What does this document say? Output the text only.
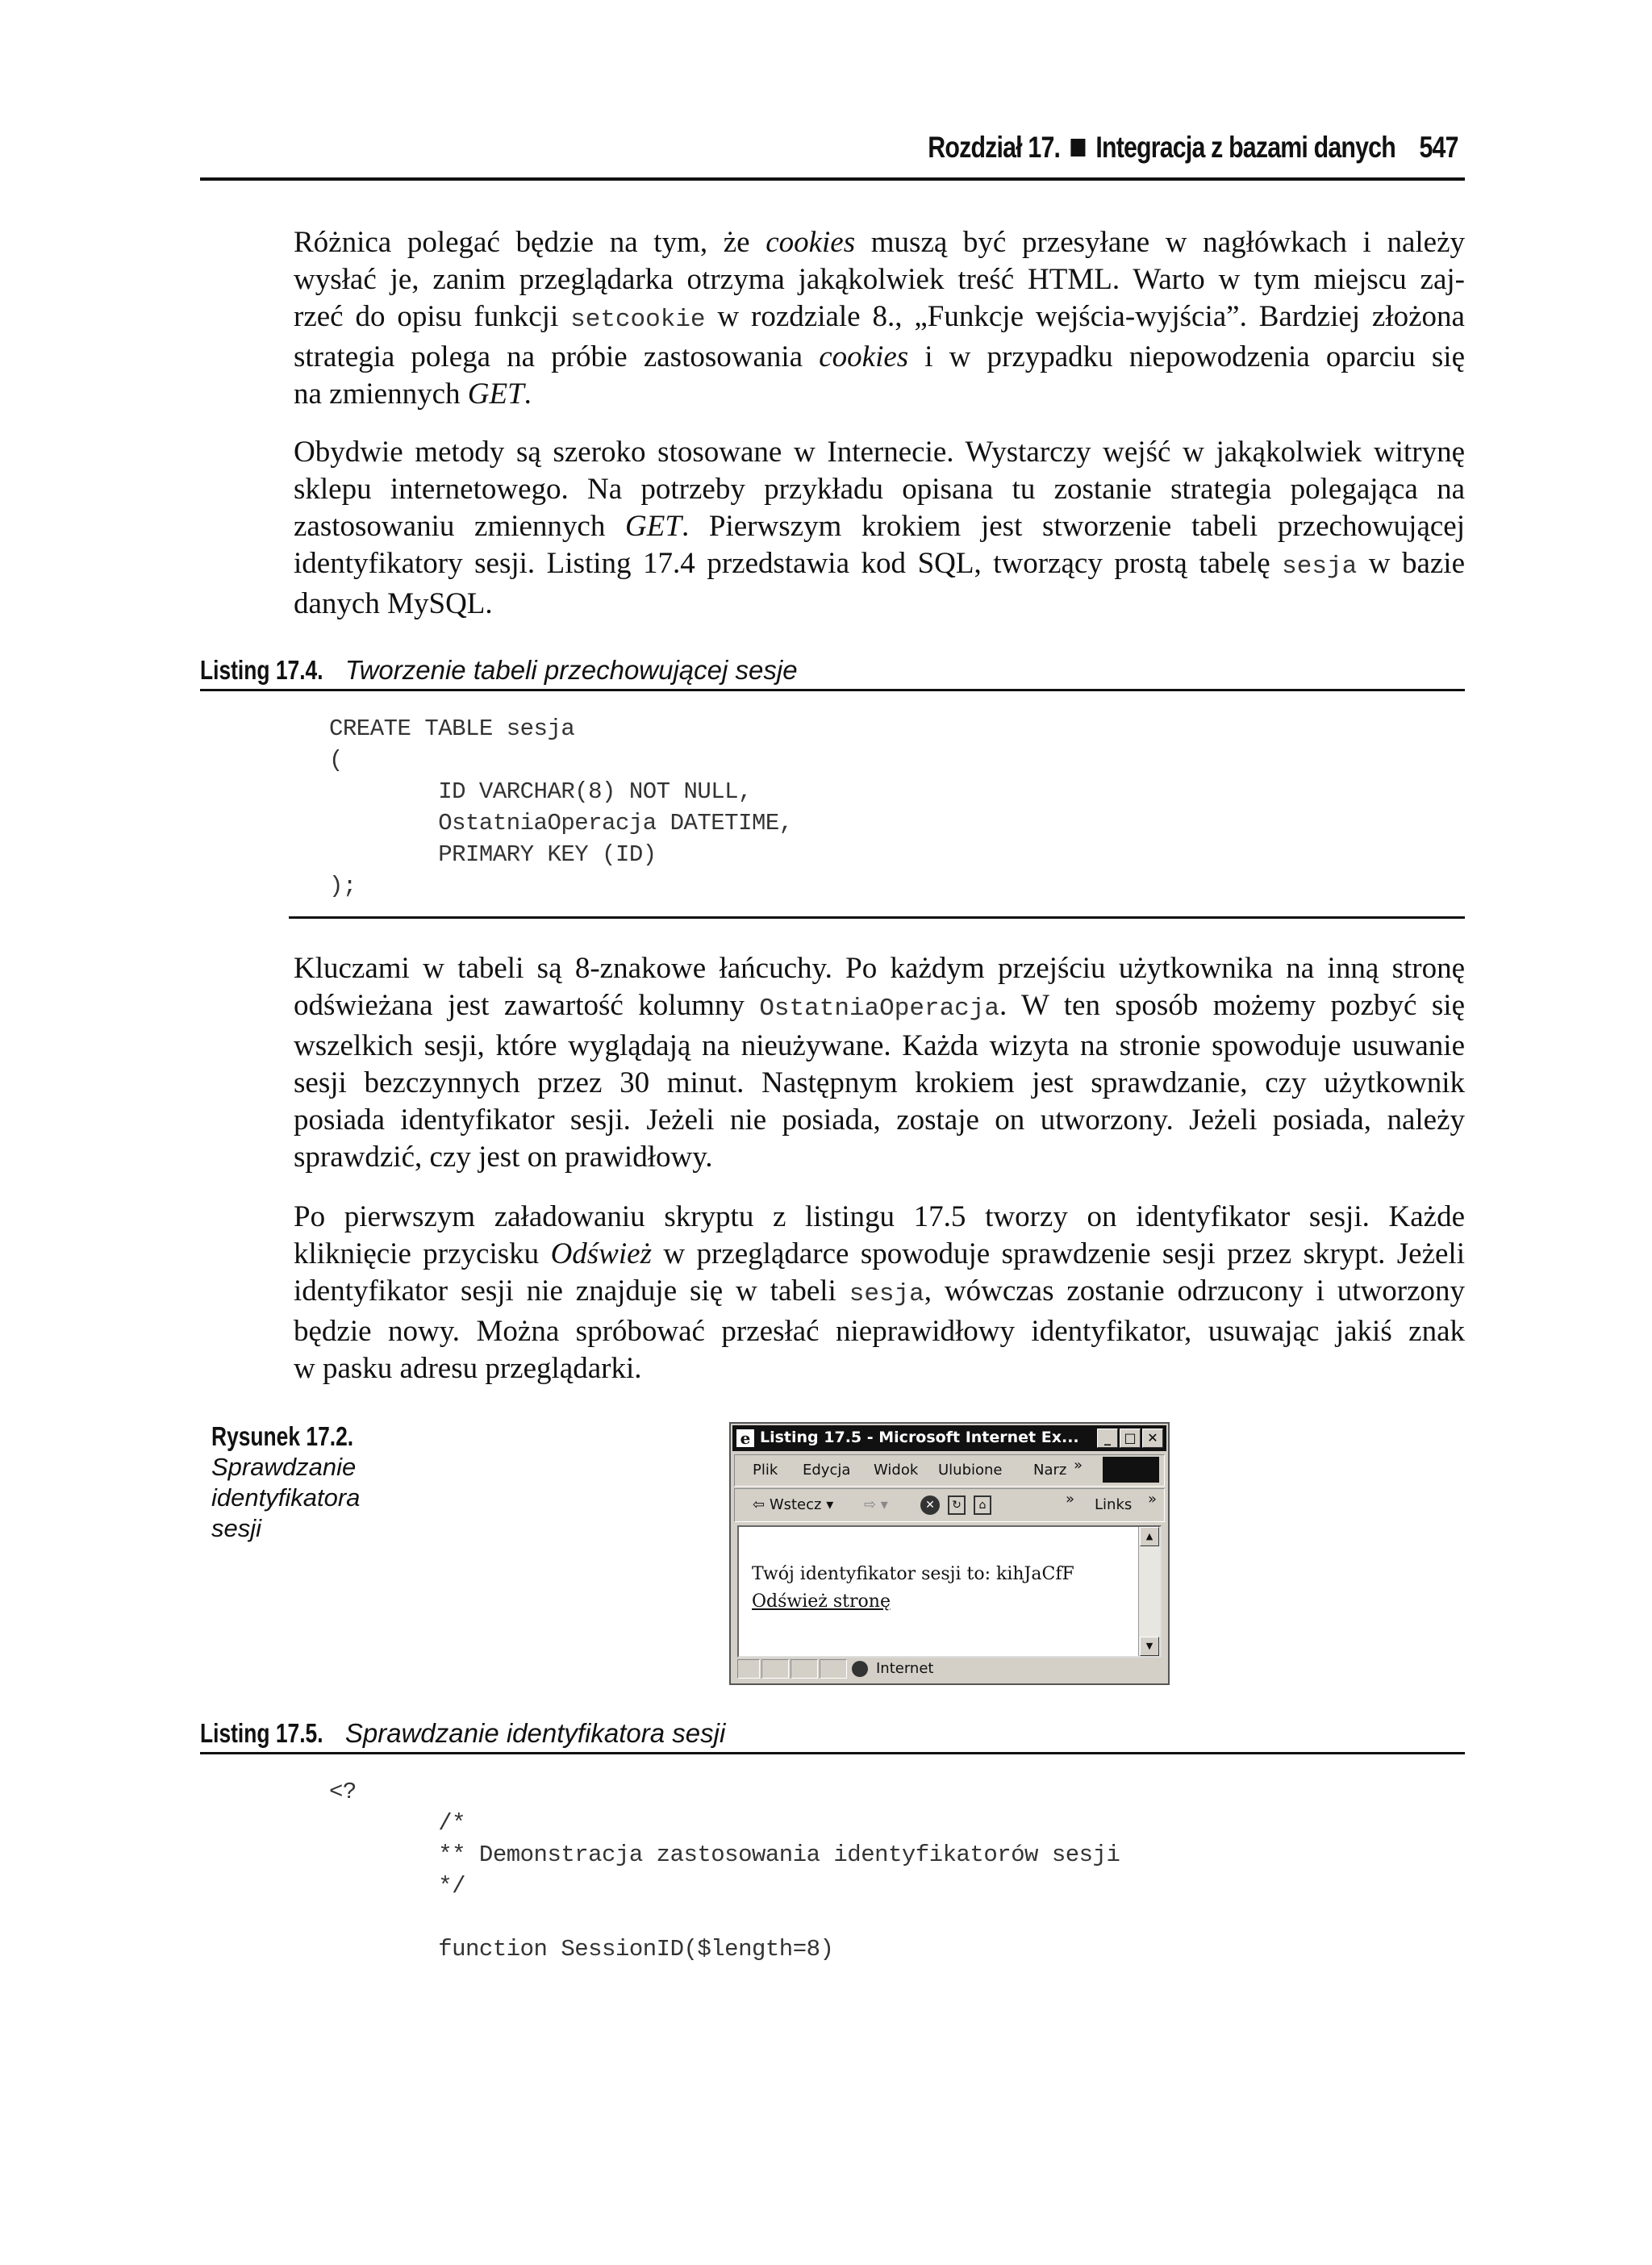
Rozdział 17. Integracja z bazami danych 547
Różnica polegać będzie na tym, że cookies muszą być przesyłane w nagłówkach i należy
wysłać je, zanim przeglądarka otrzyma jakąkolwiek treść HTML. Warto w tym miejscu zaj-
rzeć do opisu funkcji setcookie w rozdziale 8., „Funkcje wejścia-wyjścia”. Bardziej złożona
strategia polega na próbie zastosowania cookies i w przypadku niepowodzenia oparciu się
na zmiennych GET.
Obydwie metody są szeroko stosowane w Internecie. Wystarczy wejść w jakąkolwiek witrynę
sklepu internetowego. Na potrzeby przykładu opisana tu zostanie strategia polegająca na
zastosowaniu zmiennych GET. Pierwszym krokiem jest stworzenie tabeli przechowującej
identyfikatory sesji. Listing 17.4 przedstawia kod SQL, tworzący prostą tabelę sesja w bazie
danych MySQL.
Listing 17.4. Tworzenie tabeli przechowującej sesje
CREATE TABLE sesja
(
ID VARCHAR(8) NOT NULL,
OstatniaOperacja DATETIME,
PRIMARY KEY (ID)
);
Kluczami w tabeli są 8-znakowe łańcuchy. Po każdym przejściu użytkownika na inną stronę
odświeżana jest zawartość kolumny OstatniaOperacja. W ten sposób możemy pozbyć się
wszelkich sesji, które wyglądają na nieużywane. Każda wizyta na stronie spowoduje usuwanie
sesji bezczynnych przez 30 minut. Następnym krokiem jest sprawdzanie, czy użytkownik
posiada identyfikator sesji. Jeżeli nie posiada, zostaje on utworzony. Jeżeli posiada, należy
sprawdzić, czy jest on prawidłowy.
Po pierwszym załadowaniu skryptu z listingu 17.5 tworzy on identyfikator sesji. Każde
kliknięcie przycisku Odśwież w przeglądarce spowoduje sprawdzenie sesji przez skrypt. Jeżeli
identyfikator sesji nie znajduje się w tabeli sesja, wówczas zostanie odrzucony i utworzony
będzie nowy. Można spróbować przesłać nieprawidłowy identyfikator, usuwając jakiś znak
w pasku adresu przeglądarki.
Rysunek 17.2.
Sprawdzanie
identyfikatora
sesji
e Listing 17.5 - Microsoft Internet Ex...	_	□ ✕
Plik Edycja Widok Ulubione Narz »
⇦ Wstecz ▾ ⇨ ▾	✕	↻	⌂	» Links »
Twój identyfikator sesji to: kihJaCfF
Odśwież stronę
▲
▼
Internet
Listing 17.5. Sprawdzanie identyfikatora sesji
<?
/*
** Demonstracja zastosowania identyfikatorów sesji
*/

function SessionID($length=8)
